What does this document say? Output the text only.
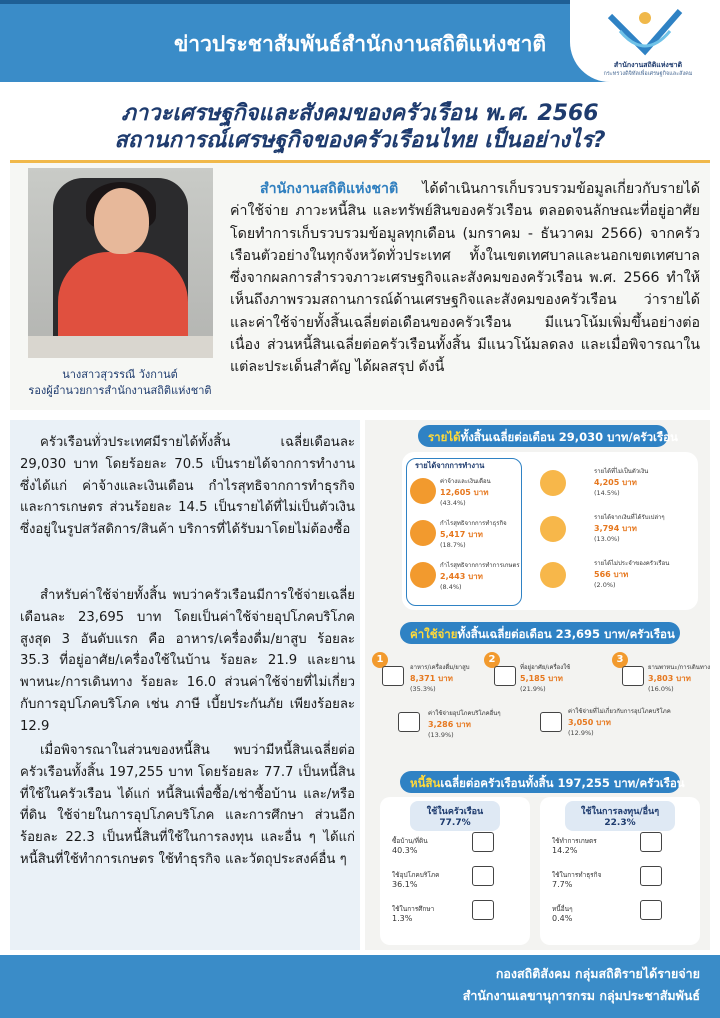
ข่าวประชาสัมพันธ์สำนักงานสถิติแห่งชาติ
สำนักงานสถิติแห่งชาติ
กระทรวงดิจิทัลเพื่อเศรษฐกิจและสังคม
ภาวะเศรษฐกิจและสังคมของครัวเรือน พ.ศ. 2566
สถานการณ์เศรษฐกิจของครัวเรือนไทย เป็นอย่างไร?
นางสาวสุวรรณี วังกานต์
รองผู้อำนวยการสำนักงานสถิติแห่งชาติ
สำนักงานสถิติแห่งชาติ ได้ดำเนินการเก็บรวบรวมข้อมูลเกี่ยวกับรายได้ ค่าใช้จ่าย ภาวะหนี้สิน และทรัพย์สินของครัวเรือน ตลอดจนลักษณะที่อยู่อาศัย โดยทำการเก็บรวบรวมข้อมูลทุกเดือน (มกราคม - ธันวาคม 2566) จากครัวเรือนตัวอย่างในทุกจังหวัดทั่วประเทศ ทั้งในเขตเทศบาลและนอกเขตเทศบาล ซึ่งจากผลการสำรวจภาวะเศรษฐกิจและสังคมของครัวเรือน พ.ศ. 2566 ทำให้เห็นถึงภาพรวมสถานการณ์ด้านเศรษฐกิจและสังคมของครัวเรือน ว่ารายได้และค่าใช้จ่ายทั้งสิ้นเฉลี่ยต่อเดือนของครัวเรือน มีแนวโน้มเพิ่มขึ้นอย่างต่อเนื่อง ส่วนหนี้สินเฉลี่ยต่อครัวเรือนทั้งสิ้น มีแนวโน้มลดลง และเมื่อพิจารณาในแต่ละประเด็นสำคัญ ได้ผลสรุป ดังนี้
ครัวเรือนทั่วประเทศมีรายได้ทั้งสิ้น เฉลี่ยเดือนละ 29,030 บาท โดยร้อยละ 70.5 เป็นรายได้จากการทำงาน ซึ่งได้แก่ ค่าจ้างและเงินเดือน กำไรสุทธิจากการทำธุรกิจ และการเกษตร ส่วนร้อยละ 14.5 เป็นรายได้ที่ไม่เป็นตัวเงิน ซึ่งอยู่ในรูปสวัสดิการ/สินค้า บริการที่ได้รับมาโดยไม่ต้องซื้อ
สำหรับค่าใช้จ่ายทั้งสิ้น พบว่าครัวเรือนมีการใช้จ่ายเฉลี่ยเดือนละ 23,695 บาท โดยเป็นค่าใช้จ่ายอุปโภคบริโภคสูงสุด 3 อันดับแรก คือ อาหาร/เครื่องดื่ม/ยาสูบ ร้อยละ 35.3 ที่อยู่อาศัย/เครื่องใช้ในบ้าน ร้อยละ 21.9 และยานพาหนะ/การเดินทาง ร้อยละ 16.0 ส่วนค่าใช้จ่ายที่ไม่เกี่ยวกับการอุปโภคบริโภค เช่น ภาษี เบี้ยประกันภัย เพียงร้อยละ 12.9
เมื่อพิจารณาในส่วนของหนี้สิน พบว่ามีหนี้สินเฉลี่ยต่อครัวเรือนทั้งสิ้น 197,255 บาท โดยร้อยละ 77.7 เป็นหนี้สินที่ใช้ในครัวเรือน ได้แก่ หนี้สินเพื่อซื้อ/เช่าซื้อบ้าน และ/หรือที่ดิน ใช้จ่ายในการอุปโภคบริโภค และการศึกษา ส่วนอีกร้อยละ 22.3 เป็นหนี้สินที่ใช้ในการลงทุน และอื่น ๆ ได้แก่ หนี้สินที่ใช้ทำการเกษตร ใช้ทำธุรกิจ และวัตถุประสงค์อื่น ๆ
รายได้ทั้งสิ้นเฉลี่ยต่อเดือน 29,030 บาท/ครัวเรือน
รายได้จากการทำงาน
ค่าจ้างและเงินเดือน
12,605 บาท
(43.4%)
กำไรสุทธิจากการทำธุรกิจ
5,417 บาท
(18.7%)
กำไรสุทธิจากการทำการเกษตร
2,443 บาท
(8.4%)
รายได้ที่ไม่เป็นตัวเงิน
4,205 บาท
(14.5%)
รายได้จากเงินที่ได้รับเปล่าๆ
3,794 บาท
(13.0%)
รายได้ไม่ประจำของครัวเรือน
566 บาท
(2.0%)
ค่าใช้จ่ายทั้งสิ้นเฉลี่ยต่อเดือน 23,695 บาท/ครัวเรือน
1
อาหาร/เครื่องดื่ม/ยาสูบ
8,371 บาท
(35.3%)
2
ที่อยู่อาศัย/เครื่องใช้
5,185 บาท
(21.9%)
3
ยานพาหนะ/การเดินทาง
3,803 บาท
(16.0%)
ค่าใช้จ่ายอุปโภคบริโภคอื่นๆ
3,286 บาท
(13.9%)
ค่าใช้จ่ายที่ไม่เกี่ยวกับการอุปโภคบริโภค
3,050 บาท
(12.9%)
หนี้สินเฉลี่ยต่อครัวเรือนทั้งสิ้น 197,255 บาท/ครัวเรือน
ใช้ในครัวเรือน
77.7%
ใช้ในการลงทุน/อื่นๆ
22.3%
ซื้อบ้าน/ที่ดิน
40.3%
ใช้อุปโภคบริโภค
36.1%
ใช้ในการศึกษา
1.3%
ใช้ทำการเกษตร
14.2%
ใช้ในการทำธุรกิจ
7.7%
หนี้อื่นๆ
0.4%
กองสถิติสังคม กลุ่มสถิติรายได้รายจ่าย
สำนักงานเลขานุการกรม กลุ่มประชาสัมพันธ์
